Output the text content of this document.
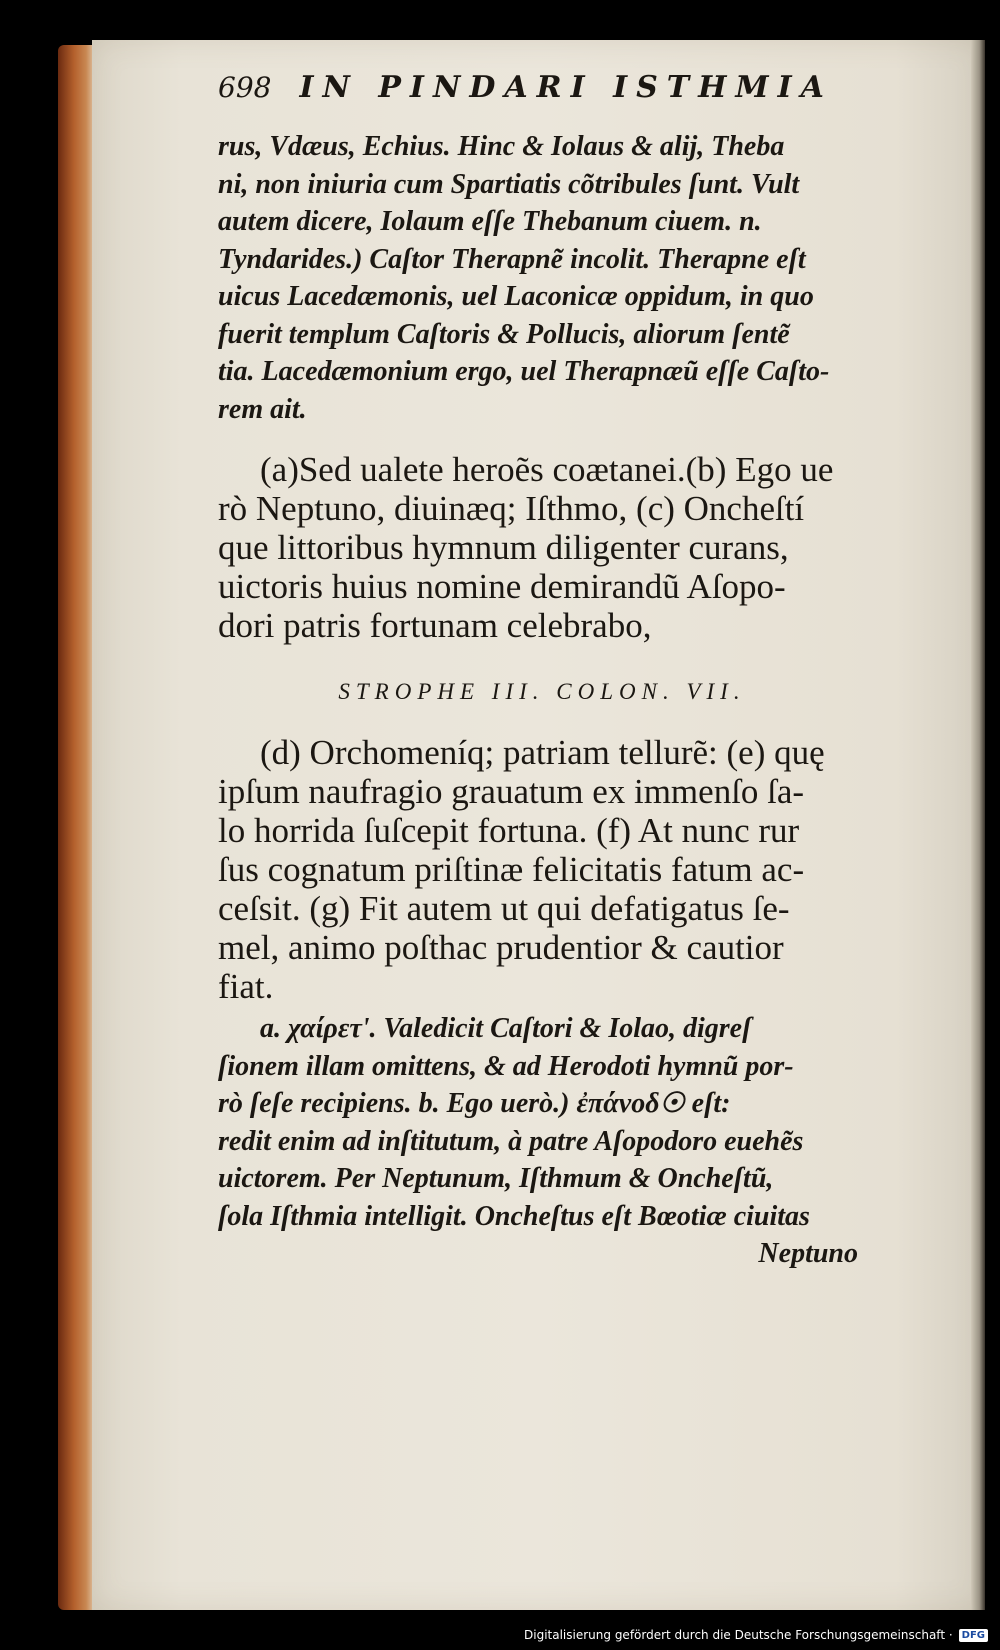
698 IN PINDARI ISTHMIA
rus, Vdæus, Echius. Hinc & Iolaus & alij, Theba
ni, non iniuria cum Spartiatis cõtribules ſunt. Vult
autem dicere, Iolaum eſſe Thebanum ciuem. n.
Tyndarides.) Caſtor Therapnẽ incolit. Therapne eſt
uicus Lacedæmonis, uel Laconicæ oppidum, in quo
fuerit templum Caſtoris & Pollucis, aliorum ſentẽ
tia. Lacedæmonium ergo, uel Therapnæũ eſſe Caſto-
rem ait.
(a)Sed ualete heroẽs coætanei.(b) Ego ue
rò Neptuno, diuinæq; Iſthmo, (c) Oncheſtí
que littoribus hymnum diligenter curans,
uictoris huius nomine demirandũ Aſopo-
dori patris fortunam celebrabo,
STROPHE III. COLON. VII.
(d) Orchomeníq; patriam tellurẽ: (e) quę
ipſum naufragio grauatum ex immenſo ſa-
lo horrida ſuſcepit fortuna. (f) At nunc rur
ſus cognatum priſtinæ felicitatis fatum ac-
ceſsit. (g) Fit autem ut qui defatigatus ſe-
mel, animo poſthac prudentior & cautior
fiat.
a. χαίρετ'. Valedicit Caſtori & Iolao, digreſ
ſionem illam omittens, & ad Herodoti hymnũ por-
rò ſeſe recipiens. b. Ego uerò.) ἐπάνοδ☉ eſt:
redit enim ad inſtitutum, à patre Aſopodoro euehẽs
uictorem. Per Neptunum, Iſthmum & Oncheſtũ,
ſola Iſthmia intelligit. Oncheſtus eſt Bœotiæ ciuitas
Neptuno
Digitalisierung gefördert durch die Deutsche Forschungsgemeinschaft · DFG
